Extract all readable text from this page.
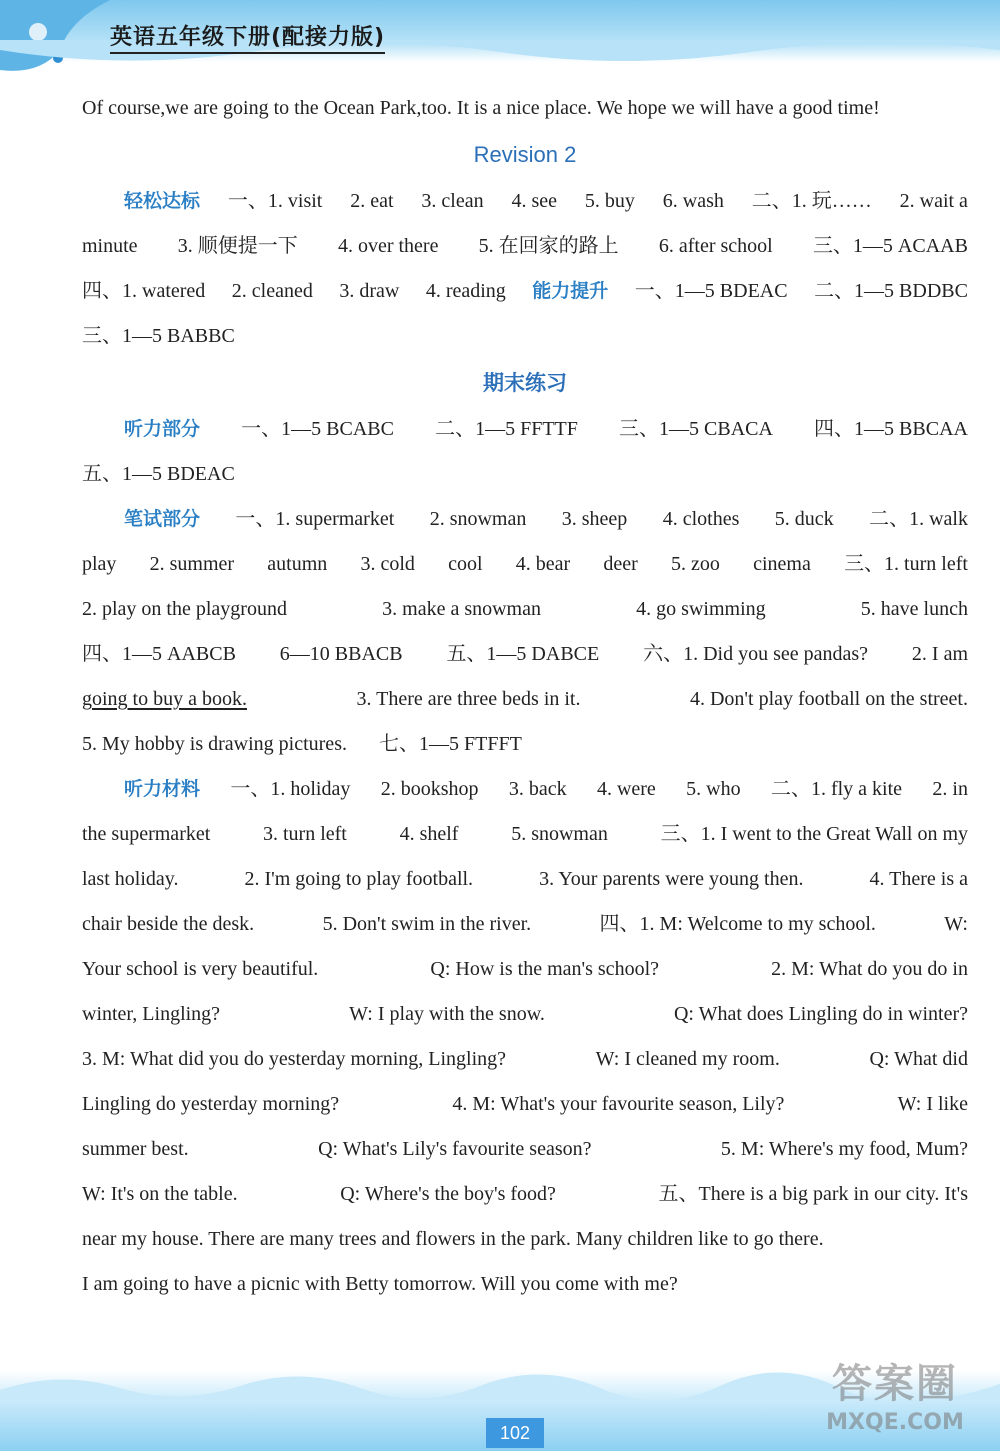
英语五年级下册(配接力版)
Of course,we are going to the Ocean Park,too. It is a nice place. We hope we will have a good time!
Revision 2
轻松达标 一、1. visit 2. eat 3. clean 4. see 5. buy 6. wash 二、1. 玩…… 2. wait a
minute 3. 顺便提一下 4. over there 5. 在回家的路上 6. after school 三、1—5 ACAAB
四、1. watered 2. cleaned 3. draw 4. reading 能力提升 一、1—5 BDEAC 二、1—5 BDDBC
三、1—5 BABBC
期末练习
听力部分 一、1—5 BCABC 二、1—5 FFTTF 三、1—5 CBACA 四、1—5 BBCAA
五、1—5 BDEAC
笔试部分 一、1. supermarket 2. snowman 3. sheep 4. clothes 5. duck 二、1. walk
play 2. summer autumn 3. cold cool 4. bear deer 5. zoo cinema 三、1. turn left
2. play on the playground	3. make a snowman	4. go swimming	5. have lunch
四、1—5 AABCB 6—10 BBACB 五、1—5 DABCE 六、1. Did you see pandas? 2. I am
going to buy a book.	3. There are three beds in it.	4. Don't play football on the street.
5. My hobby is drawing pictures. 七、1—5 FTFFT
听力材料 一、1. holiday 2. bookshop 3. back 4. were 5. who 二、1. fly a kite 2. in
the supermarket	3. turn left	4. shelf	5. snowman	三、1. I went to the Great Wall on my
last holiday.	2. I'm going to play football.	3. Your parents were young then.	4. There is a
chair beside the desk.	5. Don't swim in the river.	四、1. M: Welcome to my school.	W:
Your school is very beautiful.	Q: How is the man's school?	2. M: What do you do in
winter, Lingling?	W: I play with the snow.	Q: What does Lingling do in winter?
3. M: What did you do yesterday morning, Lingling?	W: I cleaned my room.	Q: What did
Lingling do yesterday morning?	4. M: What's your favourite season, Lily?	W: I like
summer best.	Q: What's Lily's favourite season?	5. M: Where's my food, Mum?
W: It's on the table.	Q: Where's the boy's food?	五、There is a big park in our city. It's
near my house. There are many trees and flowers in the park. Many children like to go there.
I am going to have a picnic with Betty tomorrow. Will you come with me?
102
答案圈
MXQE.COM
